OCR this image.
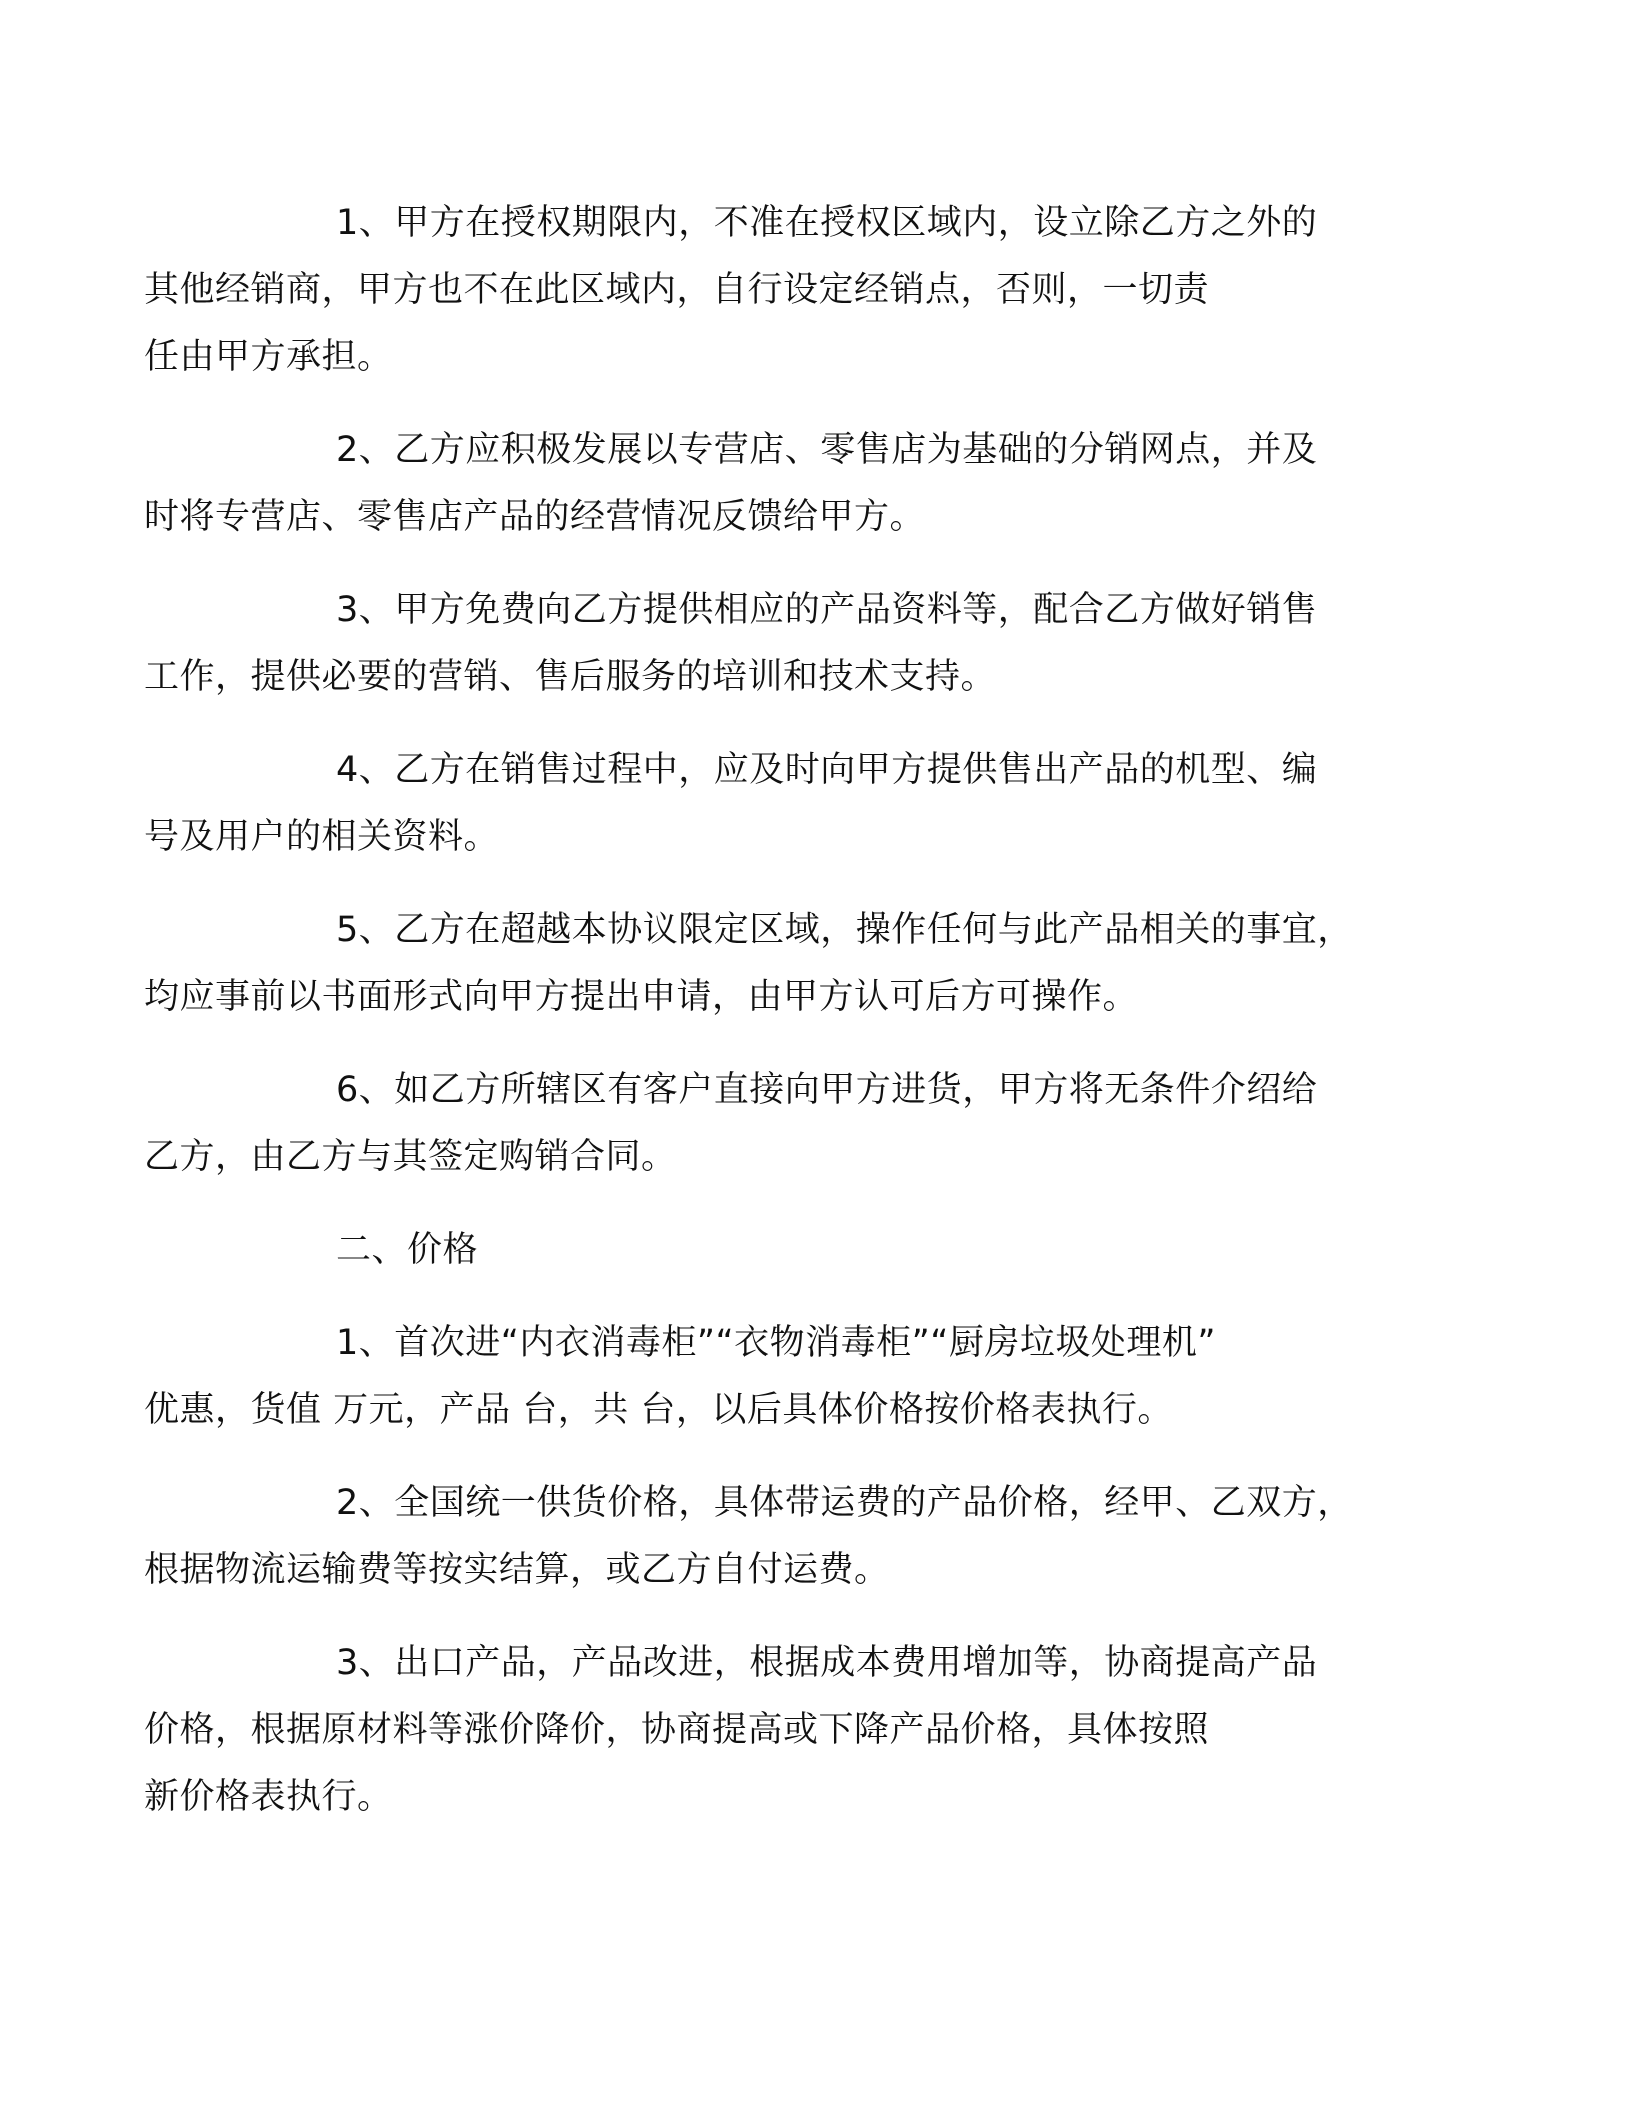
1、甲方在授权期限内，不准在授权区域内，设立除乙方之外的
其他经销商，甲方也不在此区域内，自行设定经销点，否则，一切责
任由甲方承担。
2、乙方应积极发展以专营店、零售店为基础的分销网点，并及
时将专营店、零售店产品的经营情况反馈给甲方。
3、甲方免费向乙方提供相应的产品资料等，配合乙方做好销售
工作，提供必要的营销、售后服务的培训和技术支持。
4、乙方在销售过程中，应及时向甲方提供售出产品的机型、编
号及用户的相关资料。
5、乙方在超越本协议限定区域，操作任何与此产品相关的事宜，
均应事前以书面形式向甲方提出申请，由甲方认可后方可操作。
6、如乙方所辖区有客户直接向甲方进货，甲方将无条件介绍给
乙方，由乙方与其签定购销合同。
二、价格
1、首次进“内衣消毒柜”“衣物消毒柜”“厨房垃圾处理机”
优惠，货值 万元，产品 台，共 台，以后具体价格按价格表执行。
2、全国统一供货价格，具体带运费的产品价格，经甲、乙双方，
根据物流运输费等按实结算，或乙方自付运费。
3、出口产品，产品改进，根据成本费用增加等，协商提高产品
价格，根据原材料等涨价降价，协商提高或下降产品价格，具体按照
新价格表执行。
